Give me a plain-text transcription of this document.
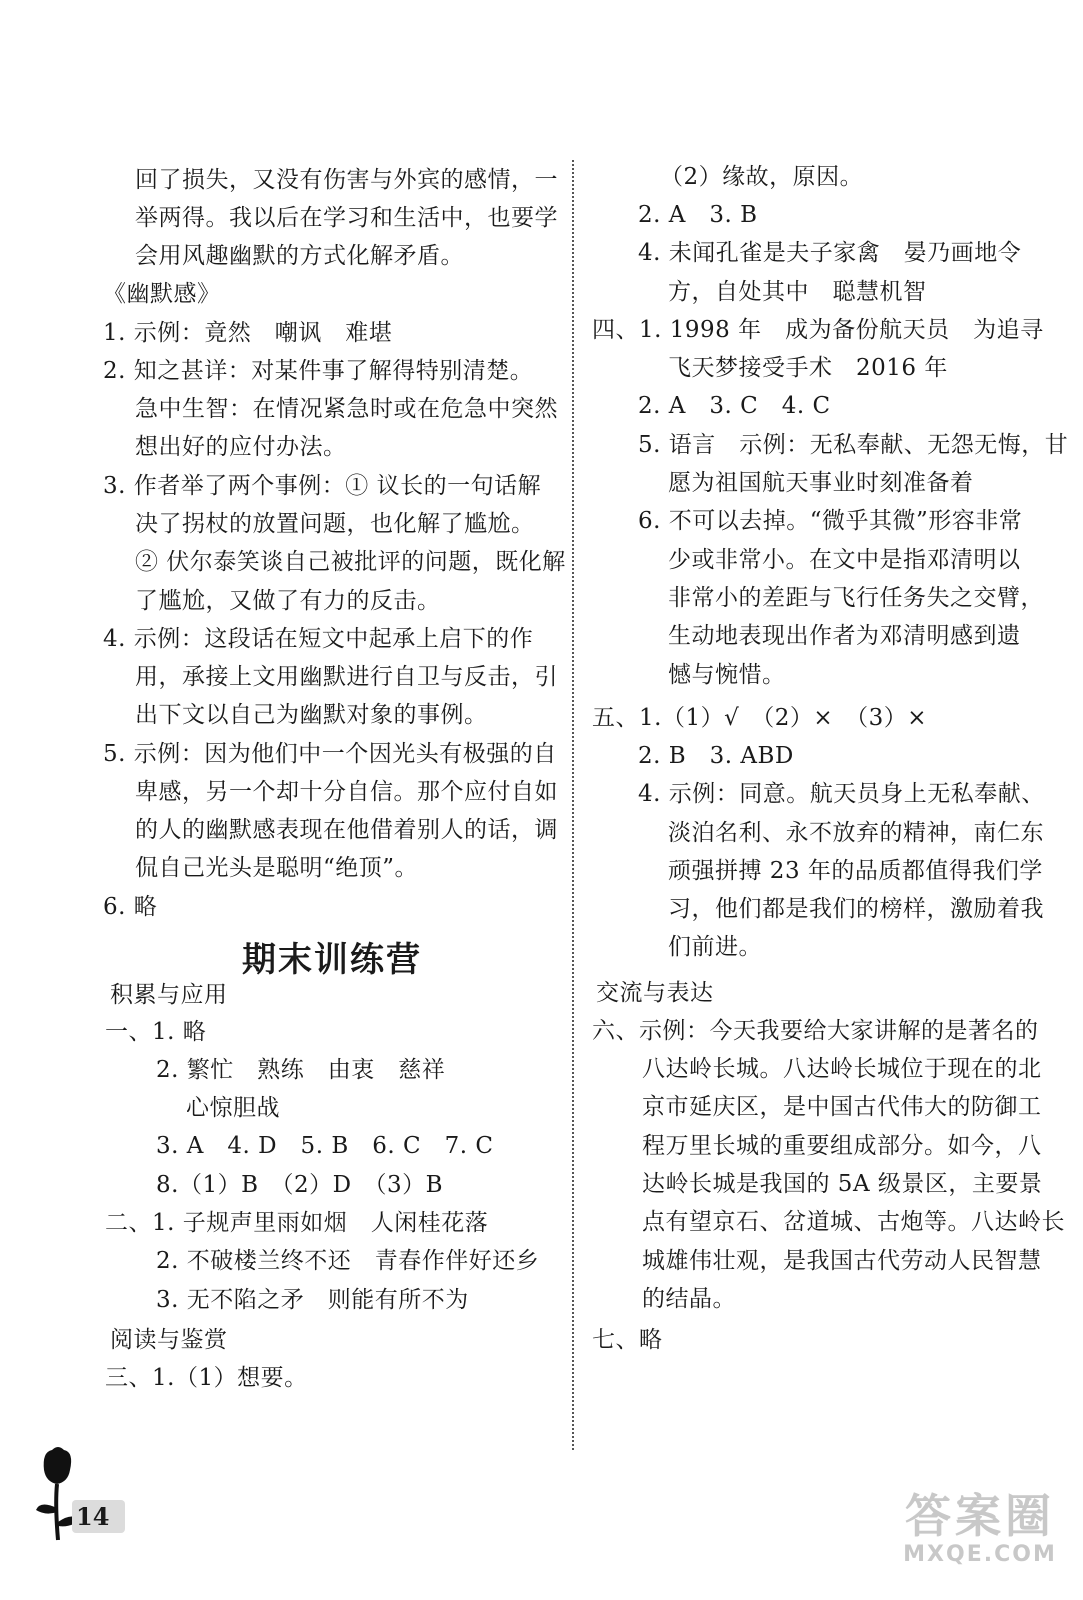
回了损失，又没有伤害与外宾的感情，一
举两得。我以后在学习和生活中，也要学
会用风趣幽默的方式化解矛盾。
《幽默感》
1. 示例：竟然　嘲讽　难堪
2. 知之甚详：对某件事了解得特别清楚。
急中生智：在情况紧急时或在危急中突然
想出好的应付办法。
3. 作者举了两个事例：① 议长的一句话解
决了拐杖的放置问题，也化解了尴尬。
② 伏尔泰笑谈自己被批评的问题，既化解
了尴尬，又做了有力的反击。
4. 示例：这段话在短文中起承上启下的作
用，承接上文用幽默进行自卫与反击，引
出下文以自己为幽默对象的事例。
5. 示例：因为他们中一个因光头有极强的自
卑感，另一个却十分自信。那个应付自如
的人的幽默感表现在他借着别人的话，调
侃自己光头是聪明“绝顶”。
6. 略
期末训练营
积累与应用
一、1. 略
2. 繁忙　熟练　由衷　慈祥
心惊胆战
3. A　4. D　5. B　6. C　7. C
8.（1）B　（2）D　（3）B
二、1. 子规声里雨如烟　人闲桂花落
2. 不破楼兰终不还　青春作伴好还乡
3. 无不陷之矛　则能有所不为
阅读与鉴赏
三、1.（1）想要。
（2）缘故，原因。
2. A　3. B
4. 未闻孔雀是夫子家禽　晏乃画地令
方，自处其中　聪慧机智
四、1. 1998 年　成为备份航天员　为追寻
飞天梦接受手术　2016 年
2. A　3. C　4. C
5. 语言　示例：无私奉献、无怨无悔，甘
愿为祖国航天事业时刻准备着
6. 不可以去掉。“微乎其微”形容非常
少或非常小。在文中是指邓清明以
非常小的差距与飞行任务失之交臂，
生动地表现出作者为邓清明感到遗
憾与惋惜。
五、1.（1）√　（2）×　（3）×
2. B　3. ABD
4. 示例：同意。航天员身上无私奉献、
淡泊名利、永不放弃的精神，南仁东
顽强拼搏 23 年的品质都值得我们学
习，他们都是我们的榜样，激励着我
们前进。
交流与表达
六、示例：今天我要给大家讲解的是著名的
八达岭长城。八达岭长城位于现在的北
京市延庆区，是中国古代伟大的防御工
程万里长城的重要组成部分。如今，八
达岭长城是我国的 5A 级景区，主要景
点有望京石、岔道城、古炮等。八达岭长
城雄伟壮观，是我国古代劳动人民智慧
的结晶。
七、略
14	答案圈
MXQE.COM
